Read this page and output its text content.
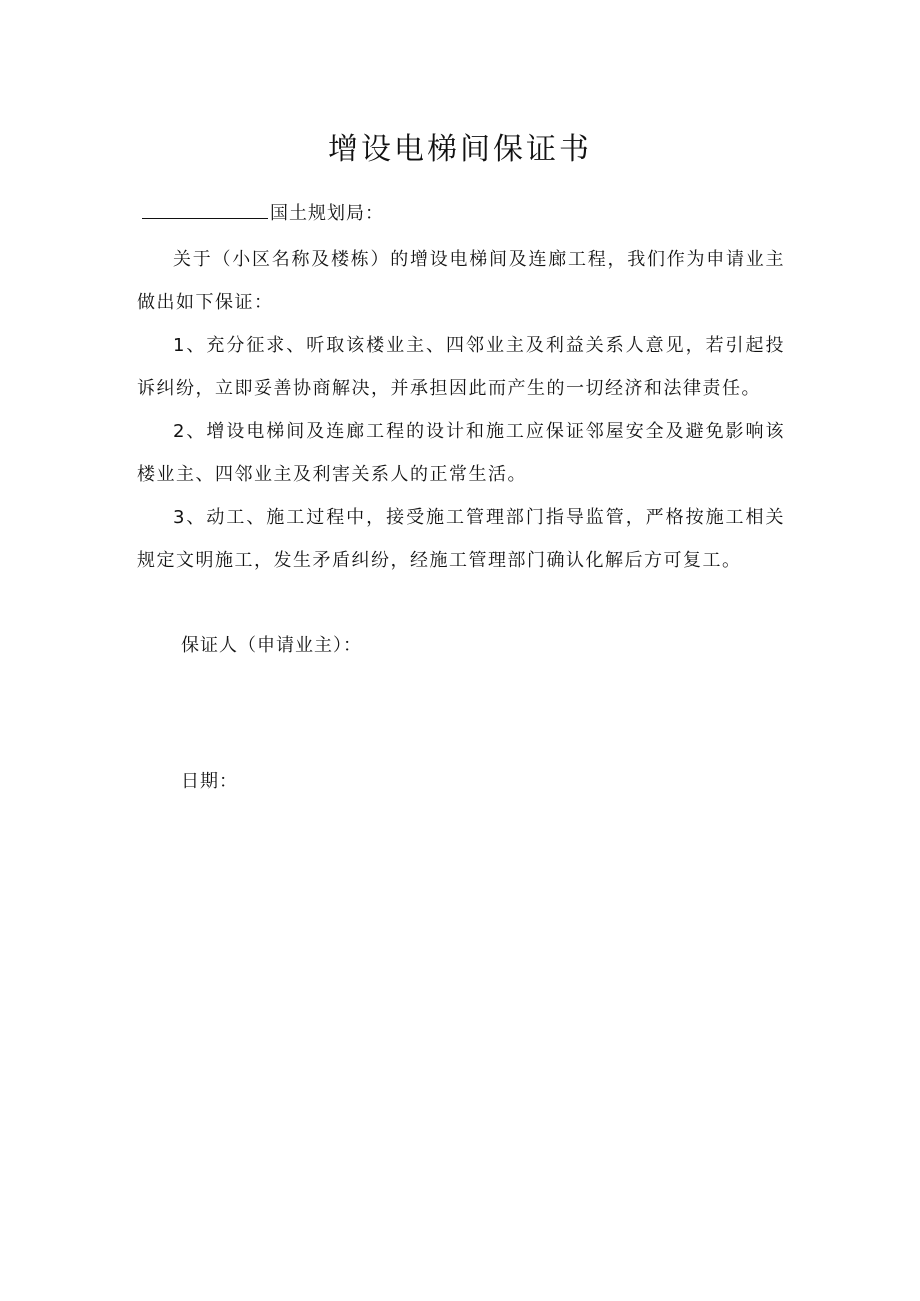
增设电梯间保证书
国土规划局：

关于（小区名称及楼栋）的增设电梯间及连廊工程，我们作为申请业主做出如下保证：

1、充分征求、听取该楼业主、四邻业主及利益关系人意见，若引起投诉纠纷，立即妥善协商解决，并承担因此而产生的一切经济和法律责任。

2、增设电梯间及连廊工程的设计和施工应保证邻屋安全及避免影响该楼业主、四邻业主及利害关系人的正常生活。

3、动工、施工过程中，接受施工管理部门指导监管，严格按施工相关规定文明施工，发生矛盾纠纷，经施工管理部门确认化解后方可复工。

保证人（申请业主）：
日期：
